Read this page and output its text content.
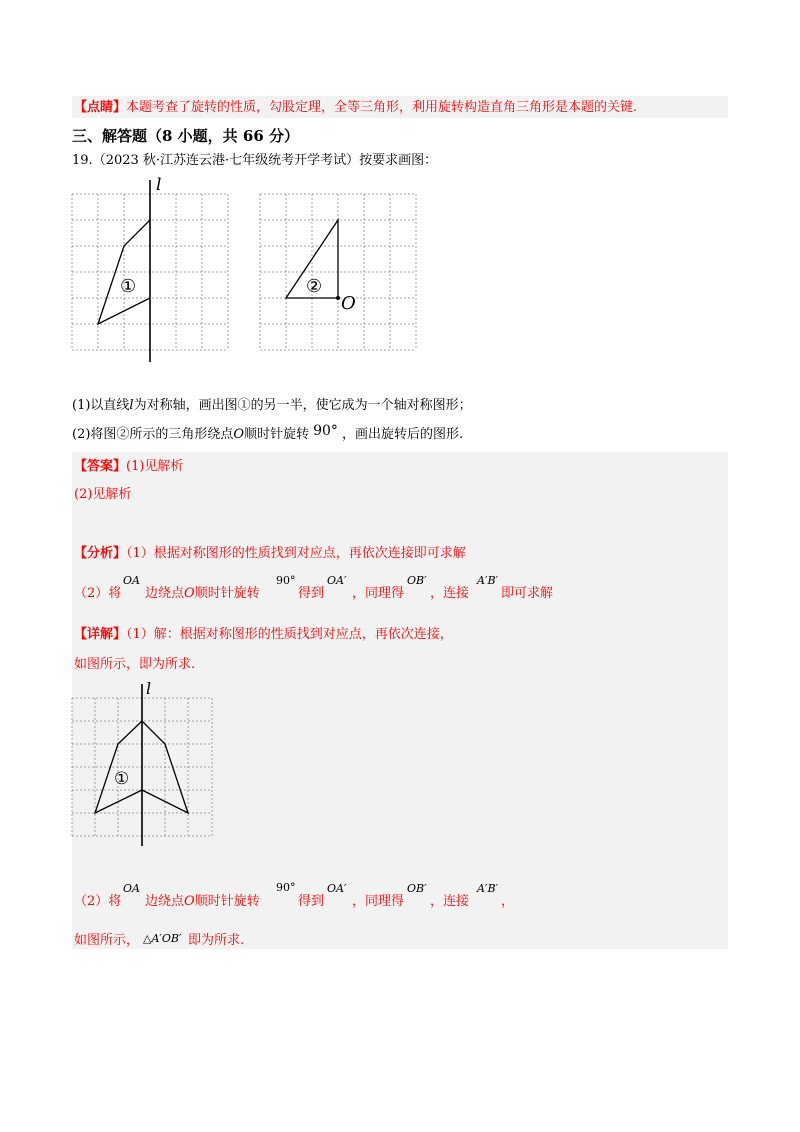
【点睛】本题考查了旋转的性质，勾股定理，全等三角形，利用旋转构造直角三角形是本题的关键.
三、解答题（8 小题，共 66 分）
19.（2023 秋·江苏连云港·七年级统考开学考试）按要求画图：
l
①	②
O
(1)以直线l为对称轴，画出图①的另一半，使它成为一个轴对称图形；
(2)将图②所示的三角形绕点O顺时针旋转 90° ，画出旋转后的图形.
【答案】(1)见解析
(2)见解析
【分析】（1）根据对称图形的性质找到对应点，再依次连接即可求解
（2）将
OA
边绕点O顺时针旋转
90°
得到
OA′
，同理得
OB′
，连接
A′B′
即可求解
【详解】（1）解：根据对称图形的性质找到对应点，再依次连接，
如图所示，即为所求.
l
①
（2）将
OA
边绕点O顺时针旋转
90°
得到
OA′
，同理得
OB′
，连接
A′B′
，
如图所示， △A′OB′ 即为所求.
